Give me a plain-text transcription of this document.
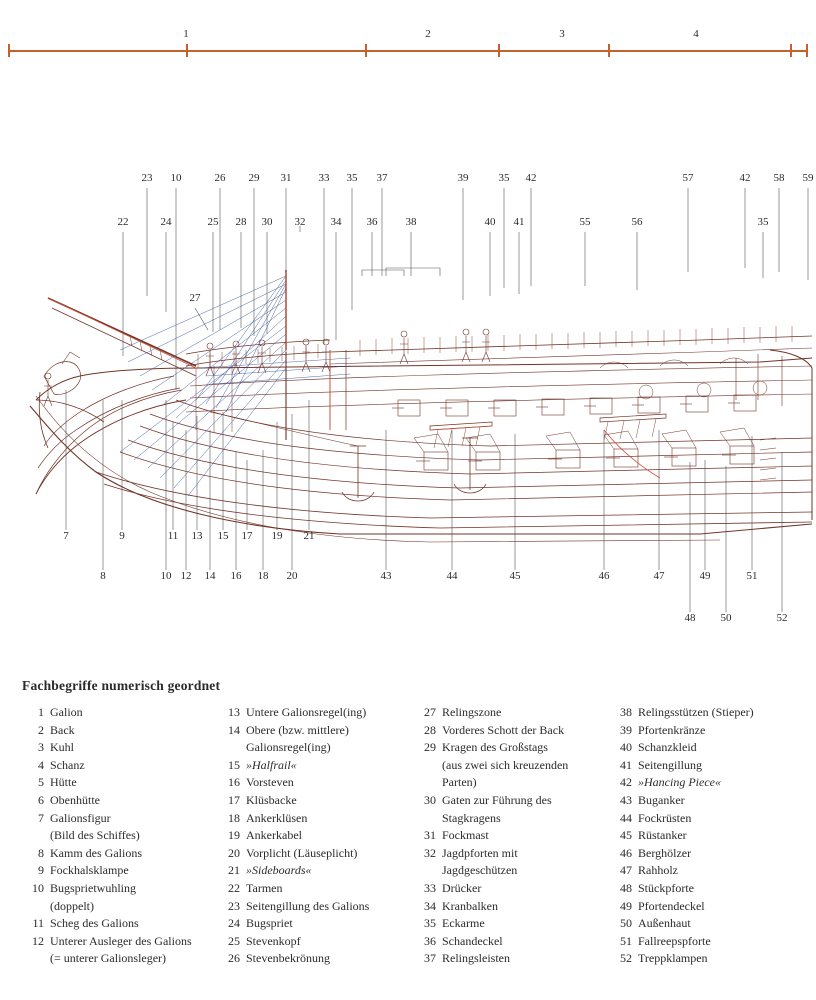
1	2	3	4
23 10	26 29 31 33 35 37	39	35 42	57	42 58 59
22	24	25 28 30 32 34 36	38	40 41	55	56	35
27
7	9	11 13 15 17 19 21
8	10 12 14 16 18 20	43	44	45	46	47	49	51
48 50	52
Fachbegriffe numerisch geordnet
1 Galion
2 Back
3 Kuhl
4 Schanz
5 Hütte
6 Obenhütte
7 Galionsfigur
(Bild des Schiffes)
8 Kamm des Galions
9 Fockhalsklampe
10 Bugsprietwuhling
(doppelt)
11 Scheg des Galions
12 Unterer Ausleger des Galions
(= unterer Galionsleger)
13 Untere Galionsregel(ing)
14 Obere (bzw. mittlere)
Galionsregel(ing)
15 »Halfrail«
16 Vorsteven
17 Klüsbacke
18 Ankerklüsen
19 Ankerkabel
20 Vorplicht (Läuseplicht)
21 »Sideboards«
22 Tarmen
23 Seitengillung des Galions
24 Bugspriet
25 Stevenkopf
26 Stevenbekrönung
27 Relingszone
28 Vorderes Schott der Back
29 Kragen des Großstags
(aus zwei sich kreuzenden
Parten)
30 Gaten zur Führung des
Stagkragens
31 Fockmast
32 Jagdpforten mit
Jagdgeschützen
33 Drücker
34 Kranbalken
35 Eckarme
36 Schandeckel
37 Relingsleisten
38 Relingsstützen (Stieper)
39 Pfortenkränze
40 Schanzkleid
41 Seitengillung
42 »Hancing Piece«
43 Buganker
44 Fockrüsten
45 Rüstanker
46 Berghölzer
47 Rahholz
48 Stückpforte
49 Pfortendeckel
50 Außenhaut
51 Fallreepspforte
52 Treppklampen
